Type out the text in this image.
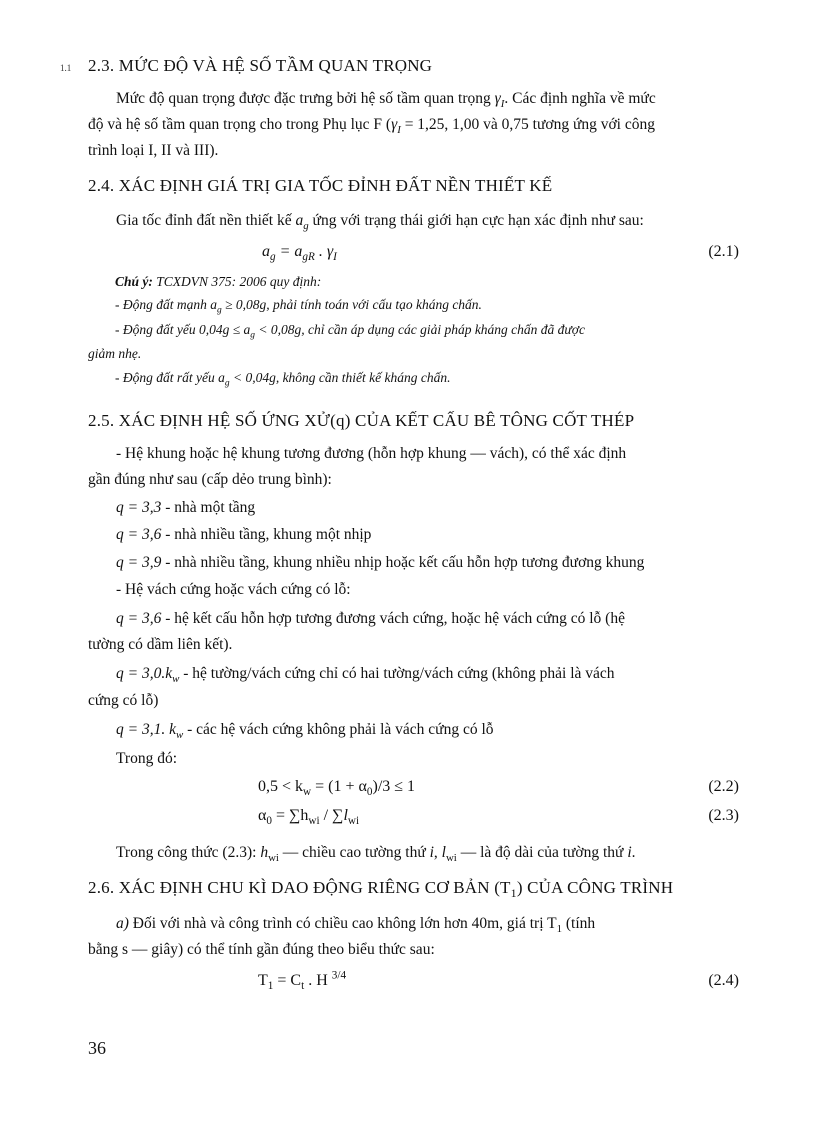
1.1 2.3. MỨC ĐỘ VÀ HỆ SỐ TẦM QUAN TRỌNG
Mức độ quan trọng được đặc trưng bởi hệ số tầm quan trọng $\gamma_I$. Các định nghĩa về mức
độ và hệ số tầm quan trọng cho trong Phụ lục F ($\gamma_I = 1,25$, 1,00 và 0,75 tương ứng với công
trình loại I, II và III).
2.4. XÁC ĐỊNH GIÁ TRỊ GIA TỐC ĐỈNH ĐẤT NỀN THIẾT KẾ
Gia tốc đỉnh đất nền thiết kế $a_g$ ứng với trạng thái giới hạn cực hạn xác định như sau:
$a_g = a_{gR}$ . $\gamma_I$	(2.1)
Chú ý: TCXDVN 375: 2006 quy định:
- Động đất mạnh $a_g \ge 0,08g$, phải tính toán với cấu tạo kháng chấn.
- Động đất yếu $0,04g \le a_g < 0,08g$, chỉ cần áp dụng các giải pháp kháng chấn đã được
giảm nhẹ.
- Động đất rất yếu $a_g < 0,04g$, không cần thiết kế kháng chấn.
2.5. XÁC ĐỊNH HỆ SỐ ỨNG XỬ(q) CỦA KẾT CẤU BÊ TÔNG CỐT THÉP
- Hệ khung hoặc hệ khung tương đương (hỗn hợp khung — vách), có thể xác định
gần đúng như sau (cấp dẻo trung bình):
q = 3,3 - nhà một tầng
q = 3,6 - nhà nhiều tầng, khung một nhịp
q = 3,9 - nhà nhiều tầng, khung nhiều nhịp hoặc kết cấu hỗn hợp tương đương khung
- Hệ vách cứng hoặc vách cứng có lỗ:
q = 3,6 - hệ kết cấu hỗn hợp tương đương vách cứng, hoặc hệ vách cứng có lỗ (hệ
tường có dầm liên kết).
$q = 3,0.k_w$ - hệ tường/vách cứng chỉ có hai tường/vách cứng (không phải là vách
cứng có lỗ)
q = 3,1. $k_w$ - các hệ vách cứng không phải là vách cứng có lỗ
Trong đó:
$0,5 < k_w = (1 + \alpha_0)/3 \le 1$	(2.2)
$\alpha_0 = \sum h_{wi} / \sum l_{wi}$	(2.3)
Trong công thức (2.3): $h_{wi}$ — chiều cao tường thứ i, $l_{wi}$ — là độ dài của tường thứ i.
2.6. XÁC ĐỊNH CHU KÌ DAO ĐỘNG RIÊNG CƠ BẢN $(T_1)$ CỦA CÔNG TRÌNH
a) Đối với nhà và công trình có chiều cao không lớn hơn 40m, giá trị $T_1$ (tính
bằng s — giây) có thể tính gần đúng theo biểu thức sau:
$T_1 = C_t$ . H $^{3/4}$	(2.4)
36
